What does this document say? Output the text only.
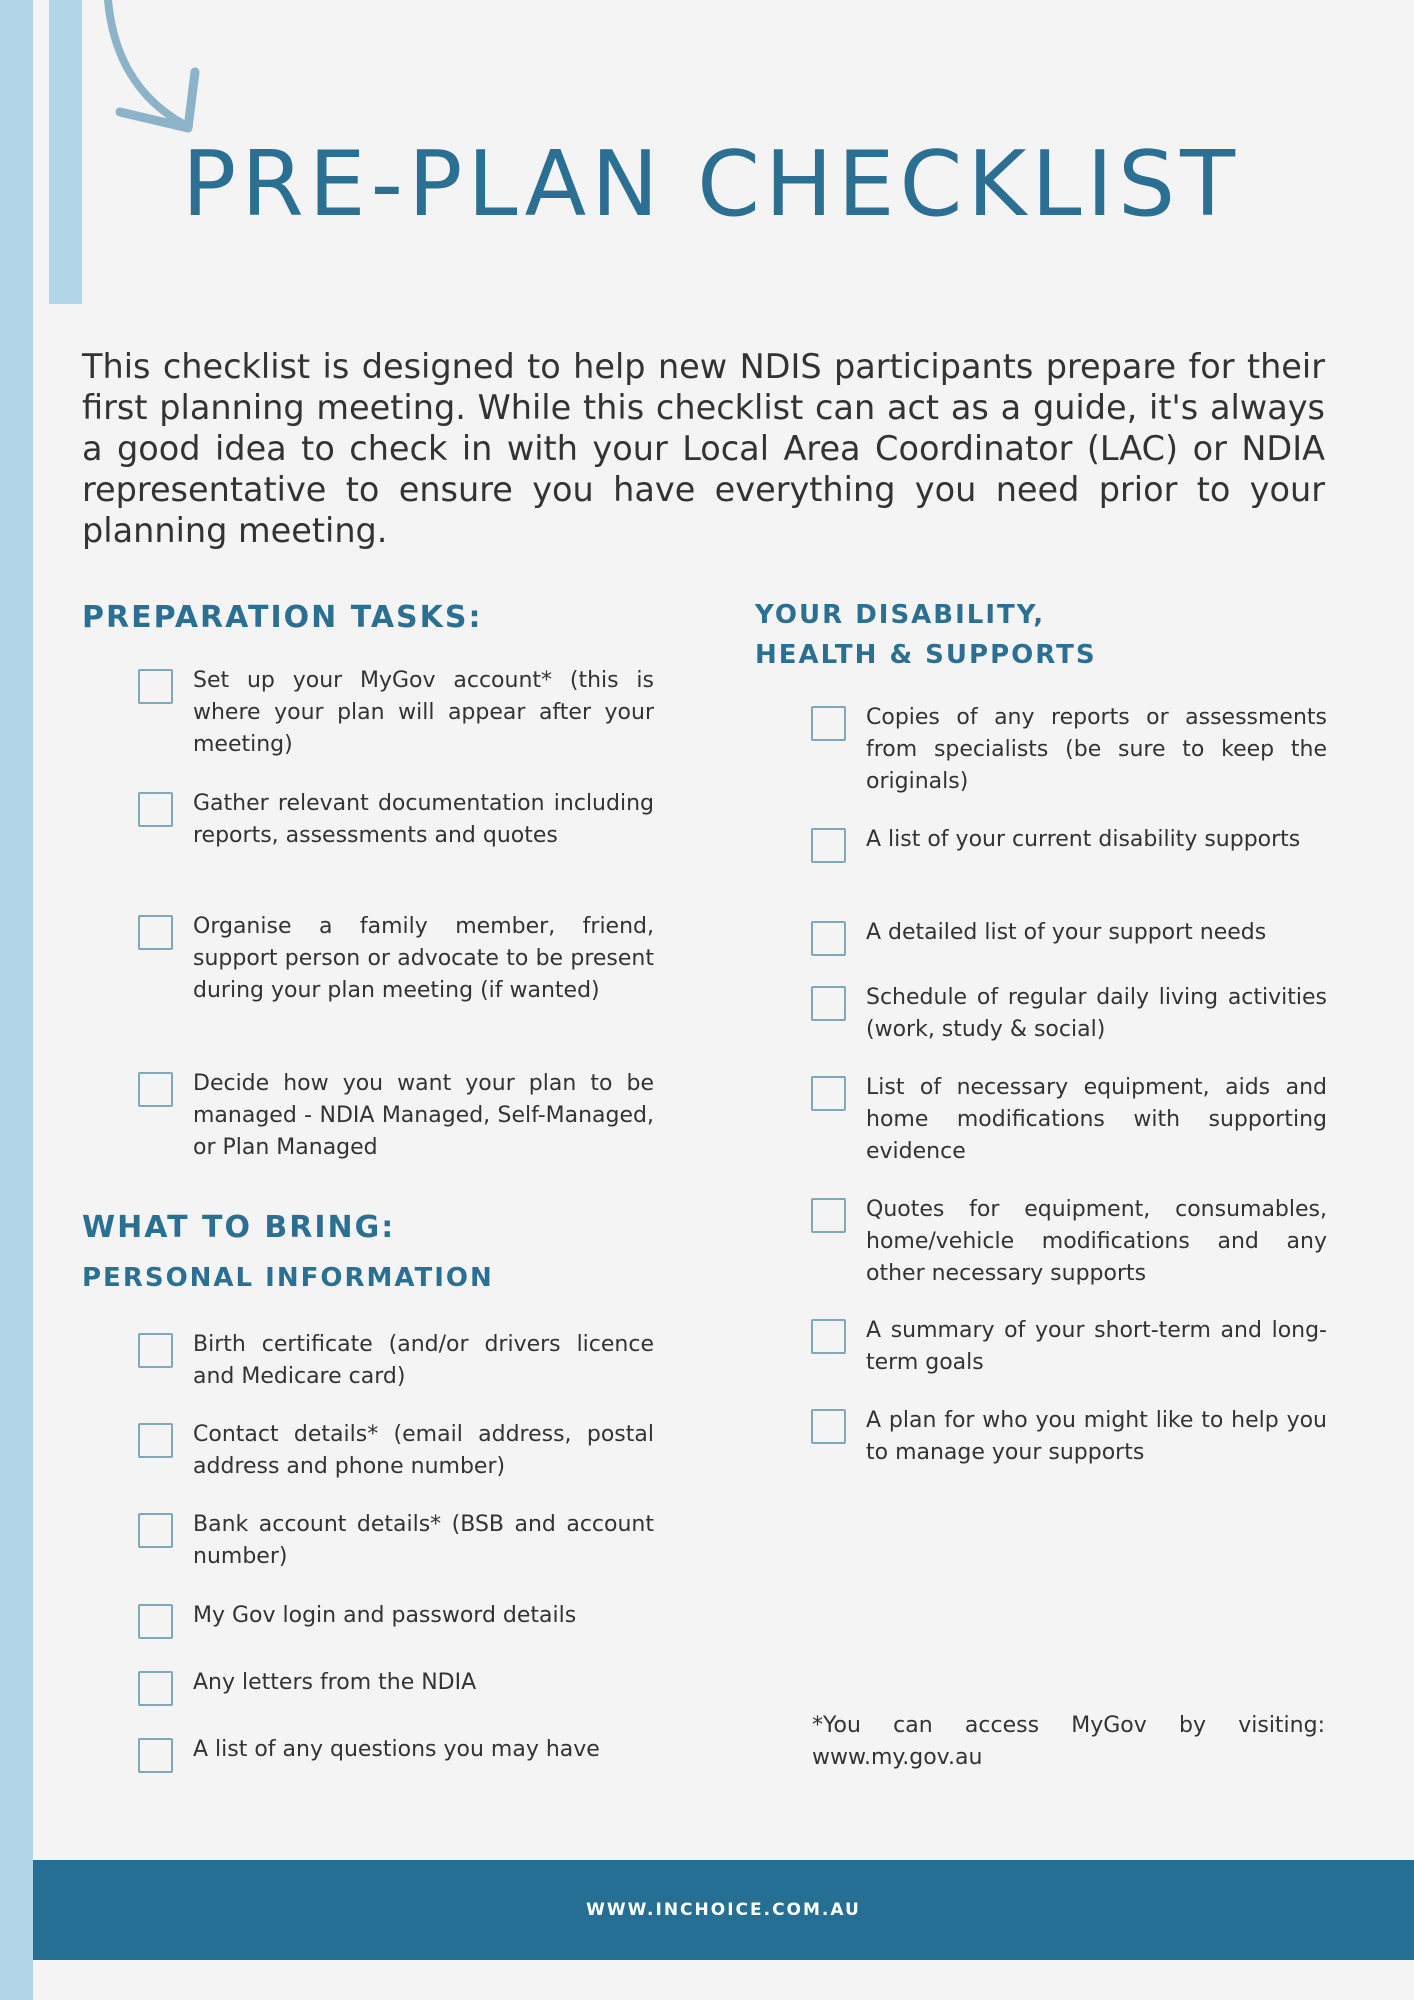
PRE-PLAN CHECKLIST

This checklist is designed to help new NDIS participants prepare for their first planning meeting. While this checklist can act as a guide, it's always a good idea to check in with your Local Area Coordinator (LAC) or NDIA representative to ensure you have everything you need prior to your planning meeting.

PREPARATION TASKS:
Set up your MyGov account* (this is where your plan will appear after your meeting)
Gather relevant documentation including reports, assessments and quotes
Organise a family member, friend, support person or advocate to be present during your plan meeting (if wanted)
Decide how you want your plan to be managed - NDIA Managed, Self-Managed, or Plan Managed
WHAT TO BRING:
PERSONAL INFORMATION
Birth certificate (and/or drivers licence and Medicare card)
Contact details* (email address, postal address and phone number)
Bank account details* (BSB and account number)
My Gov login and password details
Any letters from the NDIA
A list of any questions you may have
YOUR DISABILITY, HEALTH & SUPPORTS
Copies of any reports or assessments from specialists (be sure to keep the originals)
A list of your current disability supports
A detailed list of your support needs
Schedule of regular daily living activities (work, study & social)
List of necessary equipment, aids and home modifications with supporting evidence
Quotes for equipment, consumables, home/vehicle modifications and any other necessary supports
A summary of your short-term and long-term goals
A plan for who you might like to help you to manage your supports

*You can access MyGov by visiting: www.my.gov.au

WWW.INCHOICE.COM.AU
